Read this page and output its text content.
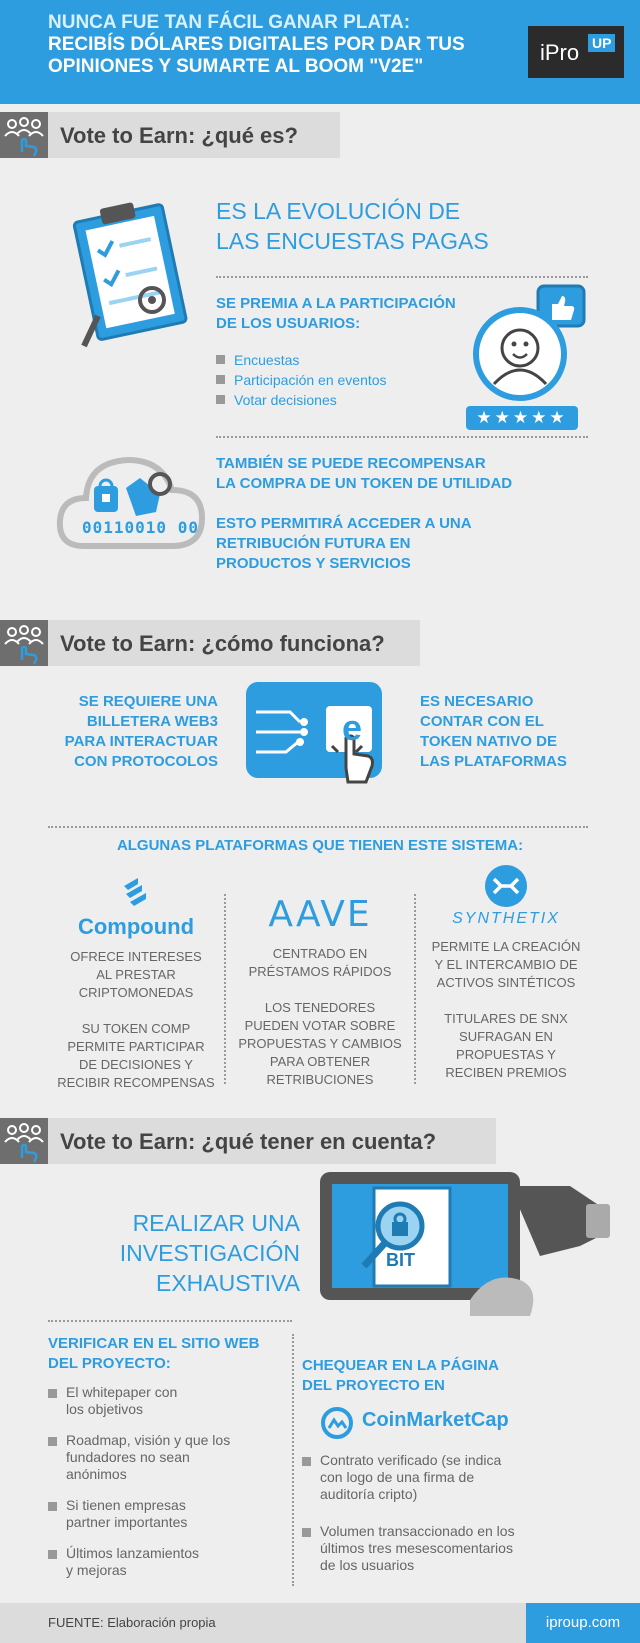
NUNCA FUE TAN FÁCIL GANAR PLATA:
RECIBÍS DÓLARES DIGITALES POR DAR TUS
OPINIONES Y SUMARTE AL BOOM "V2E"
iPro UP
Vote to Earn: ¿qué es?
ES LA EVOLUCIÓN DE
LAS ENCUESTAS PAGAS
SE PREMIA A LA PARTICIPACIÓN
DE LOS USUARIOS:
Encuestas
Participación en eventos
Votar decisiones
★★★★★
00110010 00
TAMBIÉN SE PUEDE RECOMPENSAR
LA COMPRA DE UN TOKEN DE UTILIDAD
ESTO PERMITIRÁ ACCEDER A UNA
RETRIBUCIÓN FUTURA EN
PRODUCTOS Y SERVICIOS
Vote to Earn: ¿cómo funciona?
SE REQUIERE UNA
BILLETERA WEB3
PARA INTERACTUAR
CON PROTOCOLOS
e
ES NECESARIO
CONTAR CON EL
TOKEN NATIVO DE
LAS PLATAFORMAS
ALGUNAS PLATAFORMAS QUE TIENEN ESTE SISTEMA:
Compound
OFRECE INTERESES
AL PRESTAR
CRIPTOMONEDAS
SU TOKEN COMP
PERMITE PARTICIPAR
DE DECISIONES Y
RECIBIR RECOMPENSAS
AAVE
CENTRADO EN
PRÉSTAMOS RÁPIDOS
LOS TENEDORES
PUEDEN VOTAR SOBRE
PROPUESTAS Y CAMBIOS
PARA OBTENER
RETRIBUCIONES
SYNTHETIX
PERMITE LA CREACIÓN
Y EL INTERCAMBIO DE
ACTIVOS SINTÉTICOS
TITULARES DE SNX
SUFRAGAN EN
PROPUESTAS Y
RECIBEN PREMIOS
Vote to Earn: ¿qué tener en cuenta?
REALIZAR UNA
INVESTIGACIÓN
EXHAUSTIVA
BIT
VERIFICAR EN EL SITIO WEB
DEL PROYECTO:
El whitepaper con
los objetivos
Roadmap, visión y que los
fundadores no sean
anónimos
Si tienen empresas
partner importantes
Últimos lanzamientos
y mejoras
CHEQUEAR EN LA PÁGINA
DEL PROYECTO EN
CoinMarketCap
Contrato verificado (se indica
con logo de una firma de
auditoría cripto)
Volumen transaccionado en los
últimos tres mesescomentarios
de los usuarios
FUENTE: Elaboración propia	iproup.com
